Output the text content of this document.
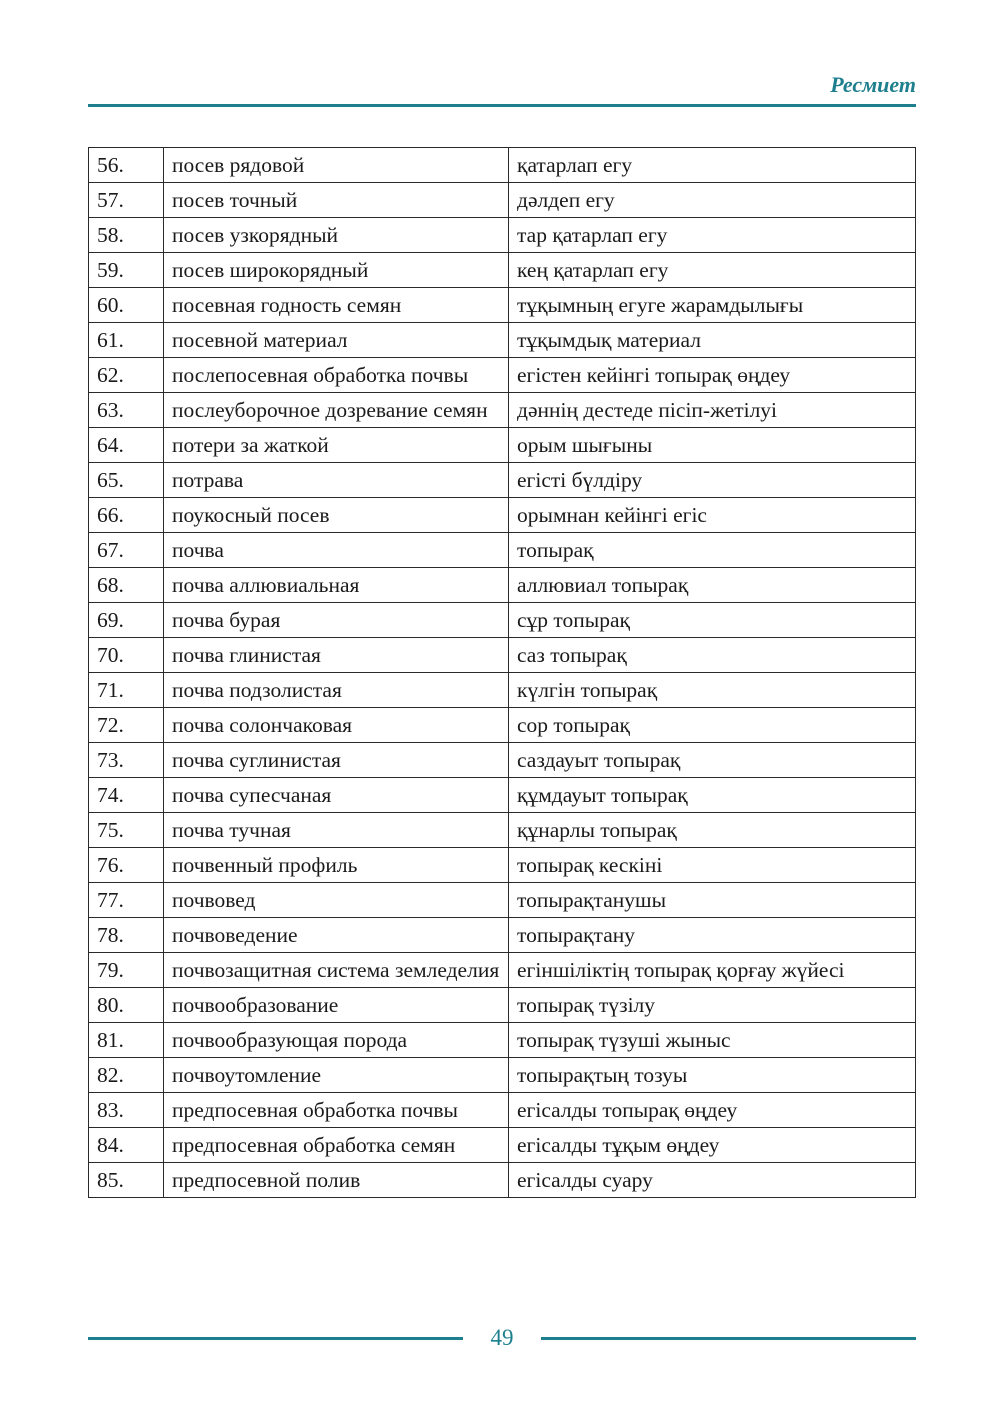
Ресмиет
56.	посев рядовой	қатарлап егу
57.	посев точный	дәлдеп егу
58.	посев узкорядный	тар қатарлап егу
59.	посев широкорядный	кең қатарлап егу
60.	посевная годность семян	тұқымның егуге жарамдылығы
61.	посевной материал	тұқымдық материал
62.	послепосевная обработка почвы	егістен кейінгі топырақ өңдеу
63.	послеуборочное дозревание семян	дәннің дестеде пісіп-жетілуі
64.	потери за жаткой	орым шығыны
65.	потрава	егісті бүлдіру
66.	поукосный посев	орымнан кейінгі егіс
67.	почва	топырақ
68.	почва аллювиальная	аллювиал топырақ
69.	почва бурая	сұр топырақ
70.	почва глинистая	саз топырақ
71.	почва подзолистая	күлгін топырақ
72.	почва солончаковая	сор топырақ
73.	почва суглинистая	саздауыт топырақ
74.	почва супесчаная	құмдауыт топырақ
75.	почва тучная	құнарлы топырақ
76.	почвенный профиль	топырақ кескіні
77.	почвовед	топырақтанушы
78.	почвоведение	топырақтану
79.	почвозащитная система земледелия	егіншіліктің топырақ қорғау жүйесі
80.	почвообразование	топырақ түзілу
81.	почвообразующая порода	топырақ түзуші жыныс
82.	почвоутомление	топырақтың тозуы
83.	предпосевная обработка почвы	егісалды топырақ өңдеу
84.	предпосевная обработка семян	егісалды тұқым өңдеу
85.	предпосевной полив	егісалды суару
49
